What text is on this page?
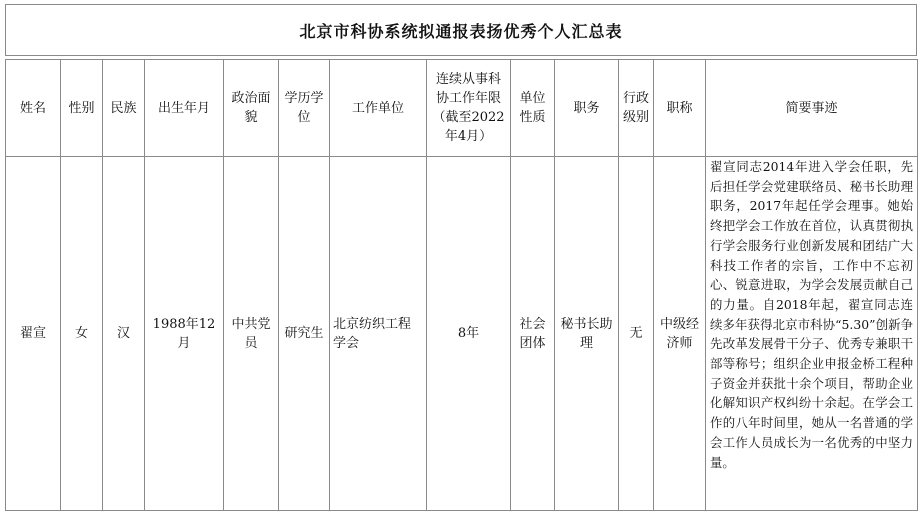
北京市科协系统拟通报表扬优秀个人汇总表
姓名	性别	民族	出生年月	政治面貌	学历学位	工作单位	连续从事科协工作年限（截至2022年4月）	单位性质	职务	行政级别	职称	简要事迹
翟宣	女	汉	1988年12月	中共党员	研究生	北京纺织工程学会	8年	社会团体	秘书长助理	无	中级经济师	翟宣同志2014年进入学会任职，先后担任学会党建联络员、秘书长助理职务，2017年起任学会理事。她始终把学会工作放在首位，认真贯彻执行学会服务行业创新发展和团结广大科技工作者的宗旨，工作中不忘初心、锐意进取，为学会发展贡献自己的力量。自2018年起，翟宣同志连续多年获得北京市科协“5.30”创新争先改革发展骨干分子、优秀专兼职干部等称号；组织企业申报金桥工程种子资金并获批十余个项目，帮助企业化解知识产权纠纷十余起。在学会工作的八年时间里，她从一名普通的学会工作人员成长为一名优秀的中坚力量。
